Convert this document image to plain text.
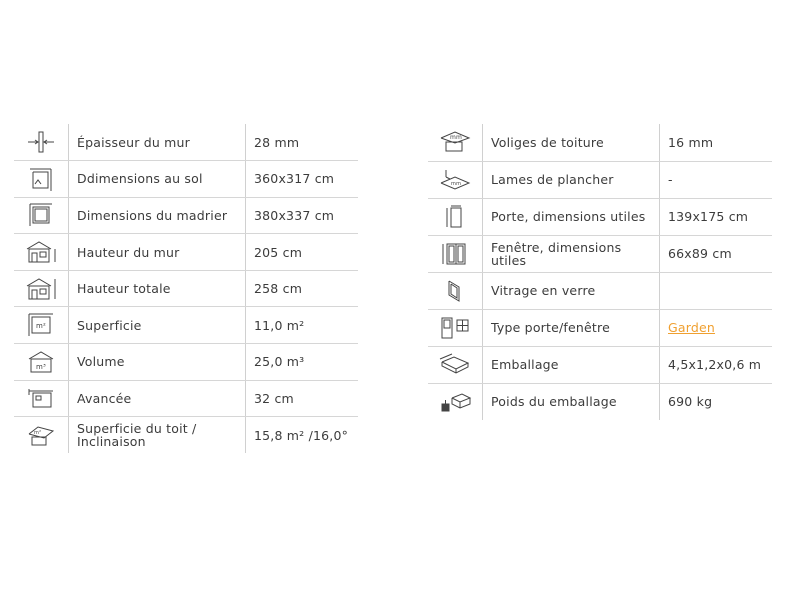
	Épaisseur du mur	28 mm

	Ddimensions au sol	360x317 cm

	Dimensions du madrier	380x337 cm

	Hauteur du mur	205 cm

	Hauteur totale	258 cm

m²	Superficie	11,0 m²

m³	Volume	25,0 m³

	Avancée	32 cm

m²	Superficie du toit / Inclinaison	15,8 m² /16,0°
mm	Voliges de toiture	16 mm

mm	Lames de plancher	-

	Porte, dimensions utiles	139x175 cm

	Fenêtre, dimensions utiles	66x89 cm

	Vitrage en verre	

	Type porte/fenêtre	Garden

	Emballage	4,5x1,2x0,6 m

	Poids du emballage	690 kg
